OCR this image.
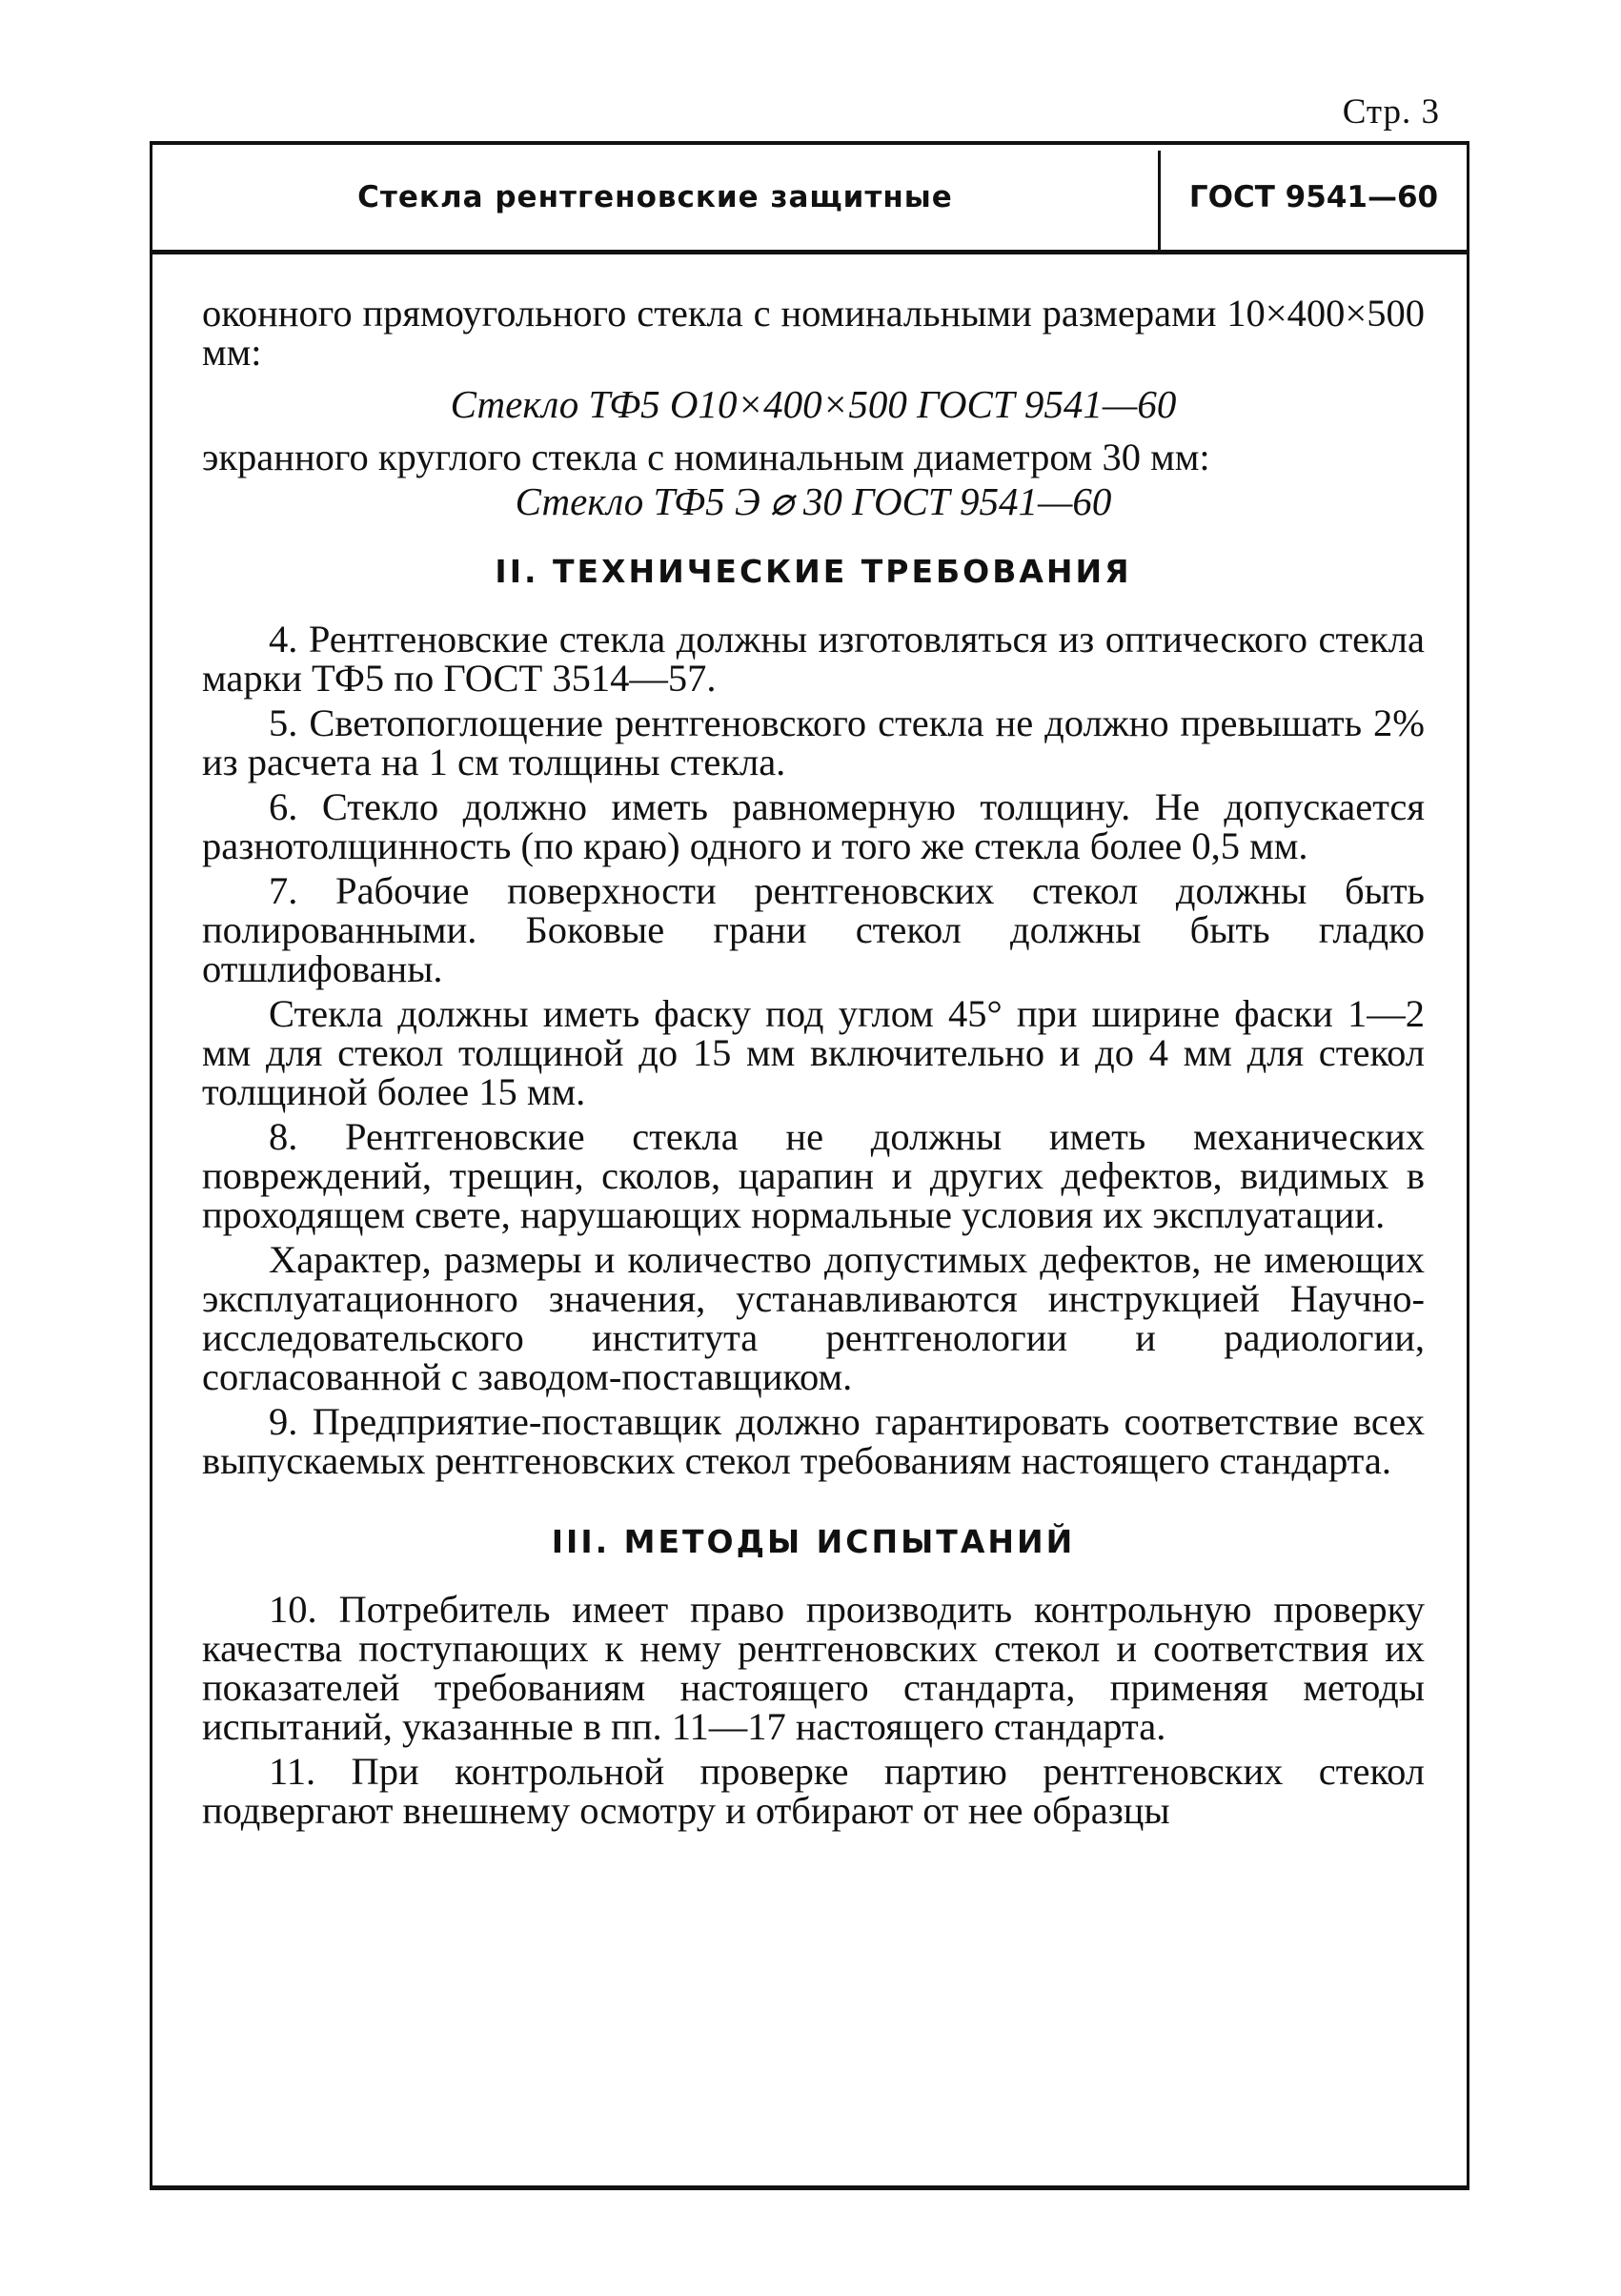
Стр. 3
Стекла рентгеновские защитные	ГОСТ 9541—60

оконного прямоугольного стекла с номинальными размерами 10×400×500 мм:

Стекло ТФ5 О10×400×500 ГОСТ 9541—60

экранного круглого стекла с номинальным диаметром 30 мм:

Стекло ТФ5 Э ⌀ 30 ГОСТ 9541—60

II. ТЕХНИЧЕСКИЕ ТРЕБОВАНИЯ

4. Рентгеновские стекла должны изготовляться из оптического стекла марки ТФ5 по ГОСТ 3514—57.

5. Светопоглощение рентгеновского стекла не должно превышать 2% из расчета на 1 см толщины стекла.

6. Стекло должно иметь равномерную толщину. Не допускается разнотолщинность (по краю) одного и того же стекла более 0,5 мм.

7. Рабочие поверхности рентгеновских стекол должны быть полированными. Боковые грани стекол должны быть гладко отшлифованы.

Стекла должны иметь фаску под углом 45° при ширине фаски 1—2 мм для стекол толщиной до 15 мм включительно и до 4 мм для стекол толщиной более 15 мм.

8. Рентгеновские стекла не должны иметь механических повреждений, трещин, сколов, царапин и других дефектов, видимых в проходящем свете, нарушающих нормальные условия их эксплуатации.

Характер, размеры и количество допустимых дефектов, не имеющих эксплуатационного значения, устанавливаются инструкцией Научно-исследовательского института рентгенологии и радиологии, согласованной с заводом-поставщиком.

9. Предприятие-поставщик должно гарантировать соответствие всех выпускаемых рентгеновских стекол требованиям настоящего стандарта.

III. МЕТОДЫ ИСПЫТАНИЙ

10. Потребитель имеет право производить контрольную проверку качества поступающих к нему рентгеновских стекол и соответствия их показателей требованиям настоящего стандарта, применяя методы испытаний, указанные в пп. 11—17 настоящего стандарта.

11. При контрольной проверке партию рентгеновских стекол подвергают внешнему осмотру и отбирают от нее образцы
